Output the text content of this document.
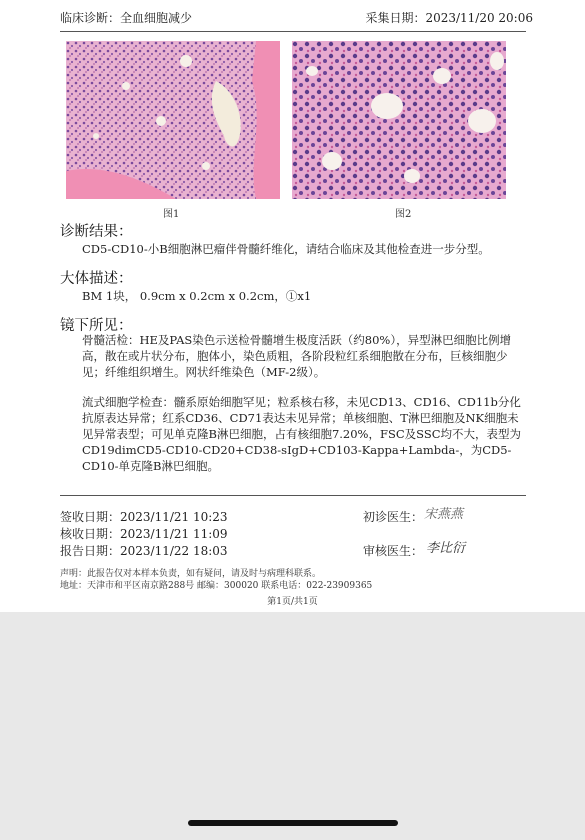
临床诊断：全血细胞减少	采集日期：2023/11/20 20:06
图1	图2
诊断结果：
CD5-CD10-小B细胞淋巴瘤伴骨髓纤维化，请结合临床及其他检查进一步分型。
大体描述：
BM 1块， 0.9cm x 0.2cm x 0.2cm，①x1
镜下所见：
骨髓活检：HE及PAS染色示送检骨髓增生极度活跃（约80%），异型淋巴细胞比例增高，散在或片状分布，胞体小，染色质粗，各阶段粒红系细胞散在分布，巨核细胞少见；纤维组织增生。网状纤维染色（MF-2级）。
流式细胞学检查：髓系原始细胞罕见；粒系核右移，未见CD13、CD16、CD11b分化抗原表达异常；红系CD36、CD71表达未见异常；单核细胞、T淋巴细胞及NK细胞未见异常表型；可见单克隆B淋巴细胞，占有核细胞7.20%，FSC及SSC均不大，表型为CD19dimCD5-CD10-CD20+CD38-sIgD+CD103-Kappa+Lambda-，为CD5-CD10-单克隆B淋巴细胞。
签收日期：2023/11/21 10:23
核收日期：2023/11/21 11:09
报告日期：2023/11/22 18:03
初诊医生： 宋燕燕
审核医生： 李比衍
声明：此报告仅对本样本负责，如有疑问，请及时与病理科联系。
地址：天津市和平区南京路288号 邮编：300020 联系电话：022-23909365
第1页/共1页
